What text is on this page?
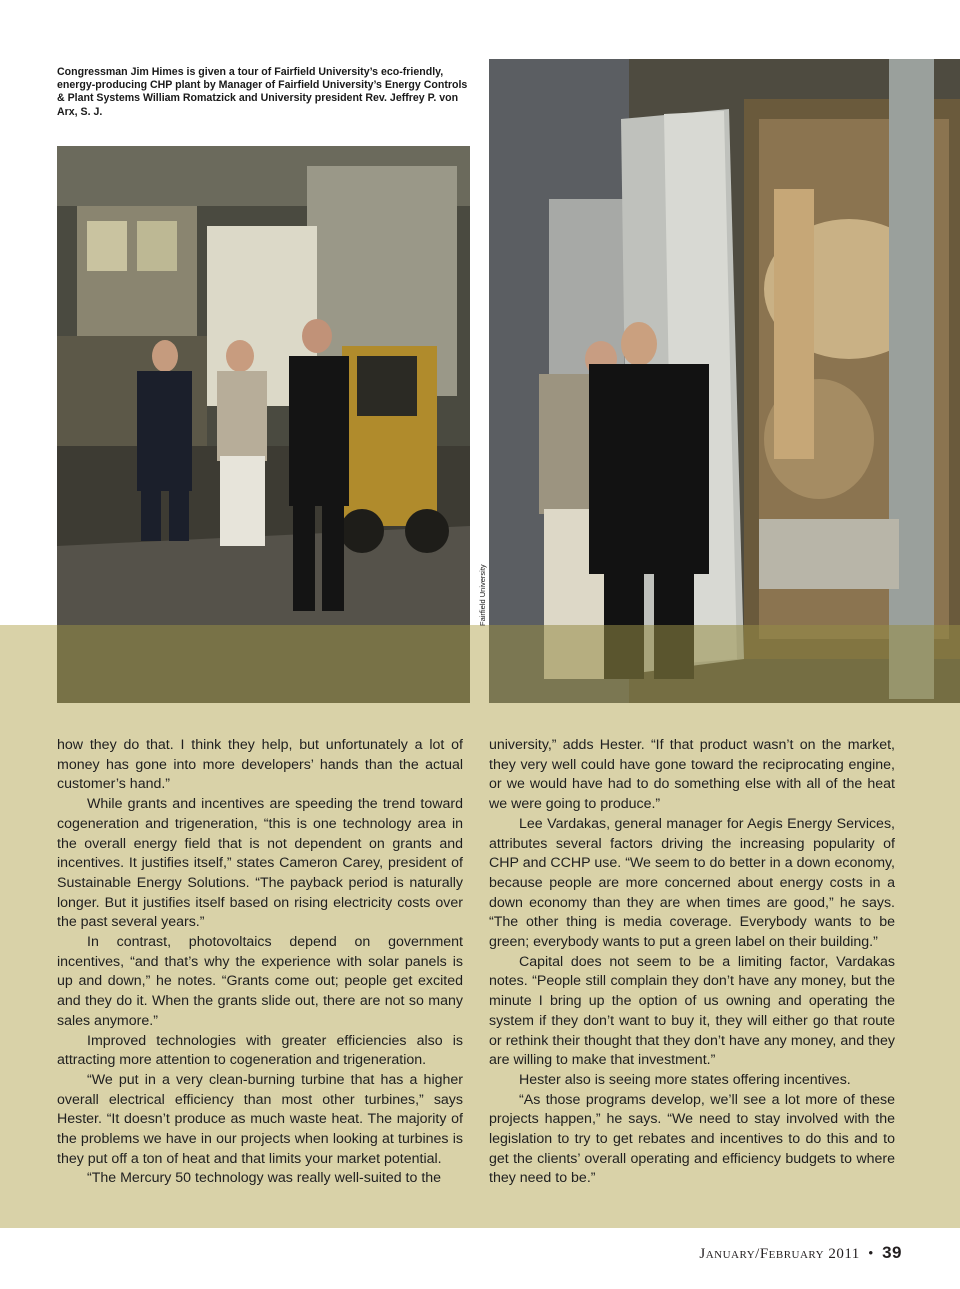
Congressman Jim Himes is given a tour of Fairfield University’s eco-friendly, energy-producing CHP plant by Manager of Fairfield University’s Energy Controls & Plant Systems William Romatzick and University president Rev. Jeffrey P. von Arx, S. J.
Fairfield University

how they do that. I think they help, but unfortunately a lot of money has gone into more developers’ hands than the actual customer’s hand.”

While grants and incentives are speeding the trend toward cogeneration and trigeneration, “this is one technology area in the overall energy field that is not dependent on grants and incentives. It justifies itself,” states Cameron Carey, president of Sustainable Energy Solutions. “The payback period is naturally longer. But it justifies itself based on rising electricity costs over the past several years.”

In contrast, photovoltaics depend on government incentives, “and that’s why the experience with solar panels is up and down,” he notes. “Grants come out; people get excited and they do it. When the grants slide out, there are not so many sales anymore.”

Improved technologies with greater efficiencies also is attracting more attention to cogeneration and trigeneration.

“We put in a very clean-burning turbine that has a higher overall electrical efficiency than most other turbines,” says Hester. “It doesn’t produce as much waste heat. The majority of the problems we have in our projects when looking at turbines is they put off a ton of heat and that limits your market potential.

“The Mercury 50 technology was really well-suited to the

university,” adds Hester. “If that product wasn’t on the market, they very well could have gone toward the reciprocating engine, or we would have had to do something else with all of the heat we were going to produce.”

Lee Vardakas, general manager for Aegis Energy Services, attributes several factors driving the increasing popularity of CHP and CCHP use. “We seem to do better in a down economy, because people are more concerned about energy costs in a down economy than they are when times are good,” he says. “The other thing is media coverage. Everybody wants to be green; everybody wants to put a green label on their building.”

Capital does not seem to be a limiting factor, Vardakas notes. “People still complain they don’t have any money, but the minute I bring up the option of us owning and operating the system if they don’t want to buy it, they will either go that route or rethink their thought that they don’t have any money, and they are willing to make that investment.”

Hester also is seeing more states offering incentives.

“As those programs develop, we’ll see a lot more of these projects happen,” he says. “We need to stay involved with the legislation to try to get rebates and incentives to do this and to get the clients’ overall operating and efficiency budgets to where they need to be.”

January/February 2011 • 39
